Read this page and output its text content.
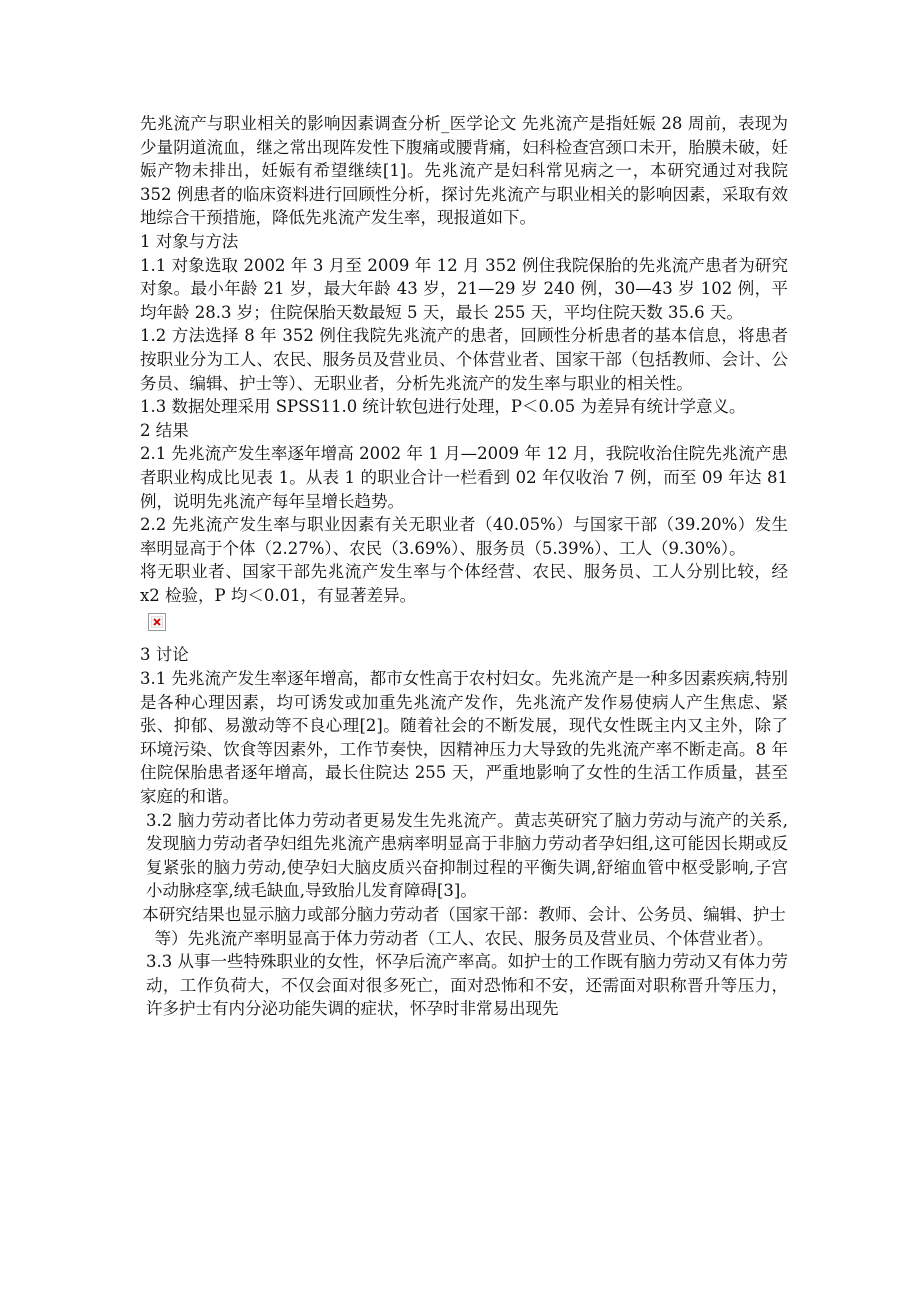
先兆流产与职业相关的影响因素调查分析_医学论文 先兆流产是指妊娠 28 周前，表现为少量阴道流血，继之常出现阵发性下腹痛或腰背痛，妇科检查宫颈口未开，胎膜未破，妊娠产物未排出，妊娠有希望继续[1]。先兆流产是妇科常见病之一，本研究通过对我院 352 例患者的临床资料进行回顾性分析，探讨先兆流产与职业相关的影响因素，采取有效地综合干预措施，降低先兆流产发生率，现报道如下。

1 对象与方法

1.1 对象选取 2002 年 3 月至 2009 年 12 月 352 例住我院保胎的先兆流产患者为研究对象。最小年龄 21 岁，最大年龄 43 岁，21—29 岁 240 例，30—43 岁 102 例，平均年龄 28.3 岁；住院保胎天数最短 5 天，最长 255 天，平均住院天数 35.6 天。

1.2 方法选择 8 年 352 例住我院先兆流产的患者，回顾性分析患者的基本信息，将患者按职业分为工人、农民、服务员及营业员、个体营业者、国家干部（包括教师、会计、公务员、编辑、护士等）、无职业者，分析先兆流产的发生率与职业的相关性。

1.3 数据处理采用 SPSS11.0 统计软包进行处理，P＜0.05 为差异有统计学意义。

2 结果

2.1 先兆流产发生率逐年增高 2002 年 1 月—2009 年 12 月，我院收治住院先兆流产患者职业构成比见表 1。从表 1 的职业合计一栏看到 02 年仅收治 7 例，而至 09 年达 81 例，说明先兆流产每年呈增长趋势。

2.2 先兆流产发生率与职业因素有关无职业者（40.05%）与国家干部（39.20%）发生率明显高于个体（2.27%）、农民（3.69%）、服务员（5.39%）、工人（9.30%）。

将无职业者、国家干部先兆流产发生率与个体经营、农民、服务员、工人分别比较，经 x2 检验，P 均＜0.01，有显著差异。

3 讨论

3.1 先兆流产发生率逐年增高，都市女性高于农村妇女。先兆流产是一种多因素疾病,特别是各种心理因素，均可诱发或加重先兆流产发作，先兆流产发作易使病人产生焦虑、紧张、抑郁、易激动等不良心理[2]。随着社会的不断发展，现代女性既主内又主外，除了环境污染、饮食等因素外，工作节奏快，因精神压力大导致的先兆流产率不断走高。8 年住院保胎患者逐年增高，最长住院达 255 天，严重地影响了女性的生活工作质量，甚至家庭的和谐。

3.2 脑力劳动者比体力劳动者更易发生先兆流产。黄志英研究了脑力劳动与流产的关系,发现脑力劳动者孕妇组先兆流产患病率明显高于非脑力劳动者孕妇组,这可能因长期或反复紧张的脑力劳动,使孕妇大脑皮质兴奋抑制过程的平衡失调,舒缩血管中枢受影响,子宫小动脉痉挛,绒毛缺血,导致胎儿发育障碍[3]。

本研究结果也显示脑力或部分脑力劳动者（国家干部：教师、会计、公务员、编辑、护士等）先兆流产率明显高于体力劳动者（工人、农民、服务员及营业员、个体营业者）。

3.3 从事一些特殊职业的女性，怀孕后流产率高。如护士的工作既有脑力劳动又有体力劳动，工作负荷大，不仅会面对很多死亡，面对恐怖和不安，还需面对职称晋升等压力，许多护士有内分泌功能失调的症状，怀孕时非常易出现先
